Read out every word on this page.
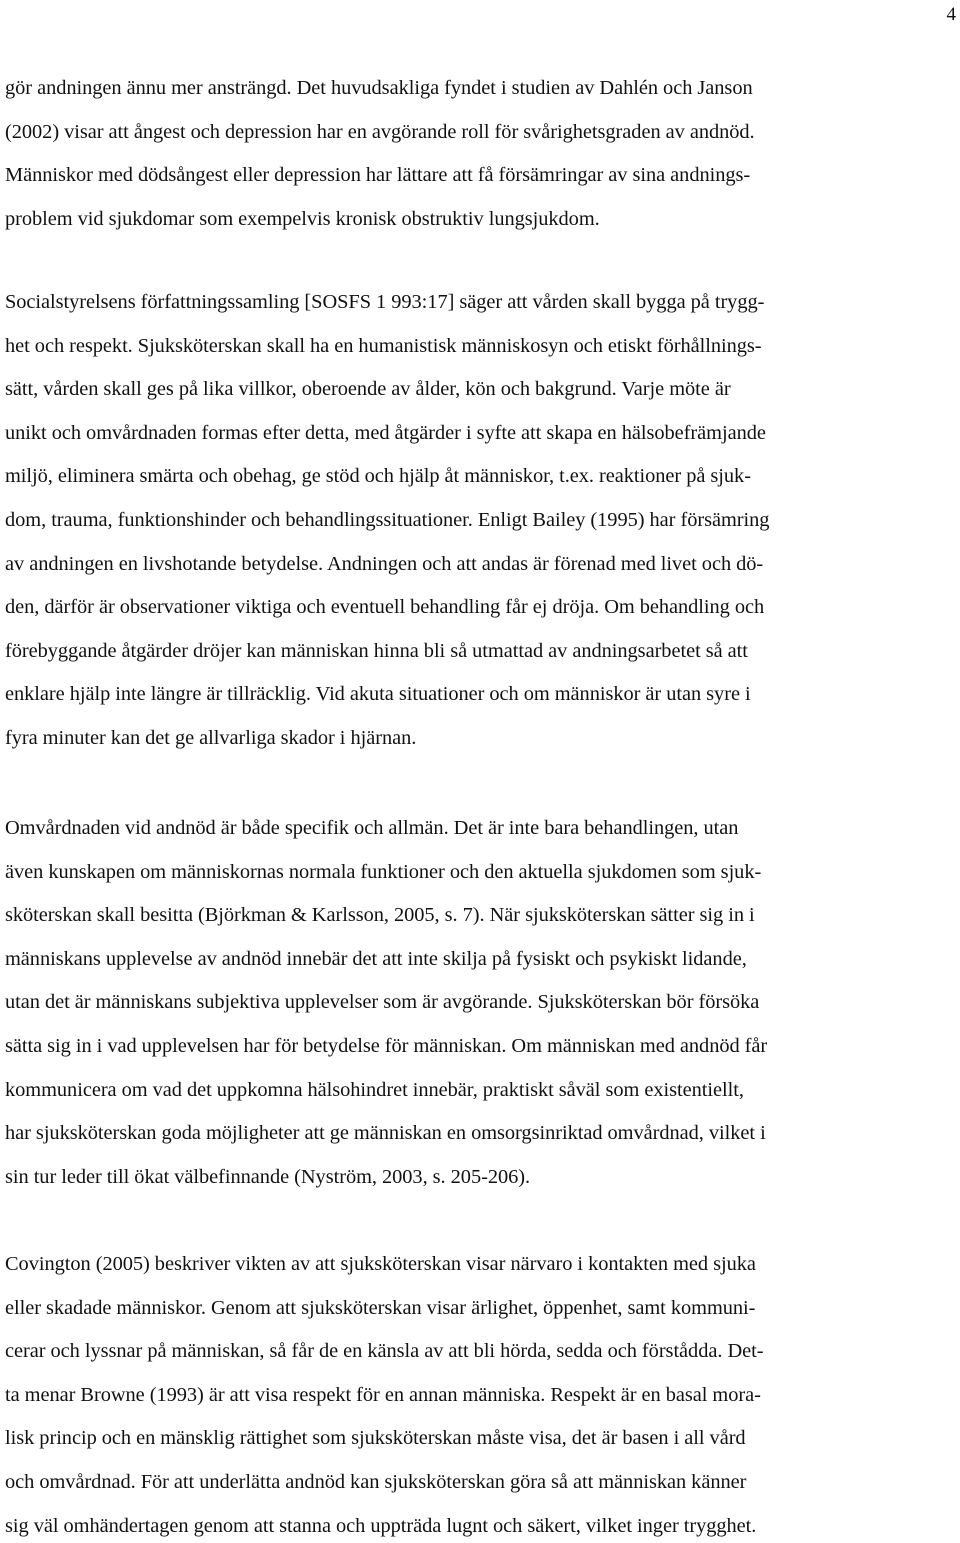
4
gör andningen ännu mer ansträngd. Det huvudsakliga fyndet i studien av Dahlén och Janson
(2002) visar att ångest och depression har en avgörande roll för svårighetsgraden av andnöd.
Människor med dödsångest eller depression har lättare att få försämringar av sina andnings-
problem vid sjukdomar som exempelvis kronisk obstruktiv lungsjukdom.
Socialstyrelsens författningssamling [SOSFS 1 993:17] säger att vården skall bygga på trygg-
het och respekt. Sjuksköterskan skall ha en humanistisk människosyn och etiskt förhållnings-
sätt, vården skall ges på lika villkor, oberoende av ålder, kön och bakgrund. Varje möte är
unikt och omvårdnaden formas efter detta, med åtgärder i syfte att skapa en hälsobefrämjande
miljö, eliminera smärta och obehag, ge stöd och hjälp åt människor, t.ex. reaktioner på sjuk-
dom, trauma, funktionshinder och behandlingssituationer. Enligt Bailey (1995) har försämring
av andningen en livshotande betydelse. Andningen och att andas är förenad med livet och dö-
den, därför är observationer viktiga och eventuell behandling får ej dröja. Om behandling och
förebyggande åtgärder dröjer kan människan hinna bli så utmattad av andningsarbetet så att
enklare hjälp inte längre är tillräcklig. Vid akuta situationer och om människor är utan syre i
fyra minuter kan det ge allvarliga skador i hjärnan.
Omvårdnaden vid andnöd är både specifik och allmän. Det är inte bara behandlingen, utan
även kunskapen om människornas normala funktioner och den aktuella sjukdomen som sjuk-
sköterskan skall besitta (Björkman & Karlsson, 2005, s. 7). När sjuksköterskan sätter sig in i
människans upplevelse av andnöd innebär det att inte skilja på fysiskt och psykiskt lidande,
utan det är människans subjektiva upplevelser som är avgörande. Sjuksköterskan bör försöka
sätta sig in i vad upplevelsen har för betydelse för människan. Om människan med andnöd får
kommunicera om vad det uppkomna hälsohindret innebär, praktiskt såväl som existentiellt,
har sjuksköterskan goda möjligheter att ge människan en omsorgsinriktad omvårdnad, vilket i
sin tur leder till ökat välbefinnande (Nyström, 2003, s. 205-206).
Covington (2005) beskriver vikten av att sjuksköterskan visar närvaro i kontakten med sjuka
eller skadade människor. Genom att sjuksköterskan visar ärlighet, öppenhet, samt kommuni-
cerar och lyssnar på människan, så får de en känsla av att bli hörda, sedda och förstådda. Det-
ta menar Browne (1993) är att visa respekt för en annan människa. Respekt är en basal mora-
lisk princip och en mänsklig rättighet som sjuksköterskan måste visa, det är basen i all vård
och omvårdnad. För att underlätta andnöd kan sjuksköterskan göra så att människan känner
sig väl omhändertagen genom att stanna och uppträda lugnt och säkert, vilket inger trygghet.
